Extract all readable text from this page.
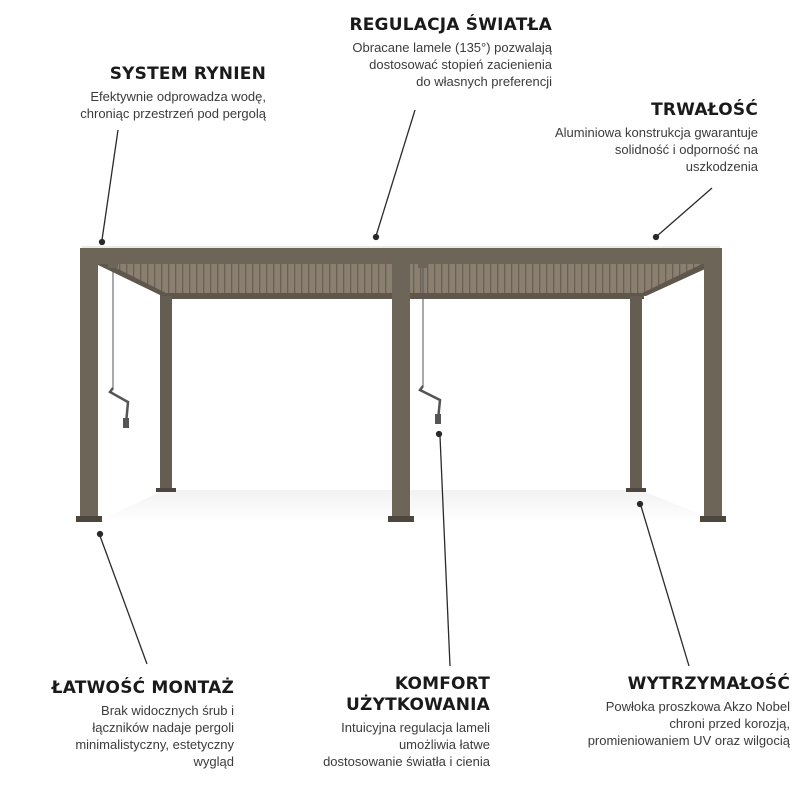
SYSTEM RYNIEN

Efektywnie odprowadza wodę,
chroniąc przestrzeń pod pergolą

REGULACJA ŚWIATŁA

Obracane lamele (135°) pozwalają
dostosować stopień zacienienia
do własnych preferencji

TRWAŁOŚĆ

Aluminiowa konstrukcja gwarantuje
solidność i odporność na
uszkodzenia

ŁATWOŚĆ MONTAŻ

Brak widocznych śrub i
łączników nadaje pergoli
minimalistyczny, estetyczny
wygląd

KOMFORT
UŻYTKOWANIA

Intuicyjna regulacja lameli
umożliwia łatwe
dostosowanie światła i cienia

WYTRZYMAŁOŚĆ

Powłoka proszkowa Akzo Nobel
chroni przed korozją,
promieniowaniem UV oraz wilgocią
